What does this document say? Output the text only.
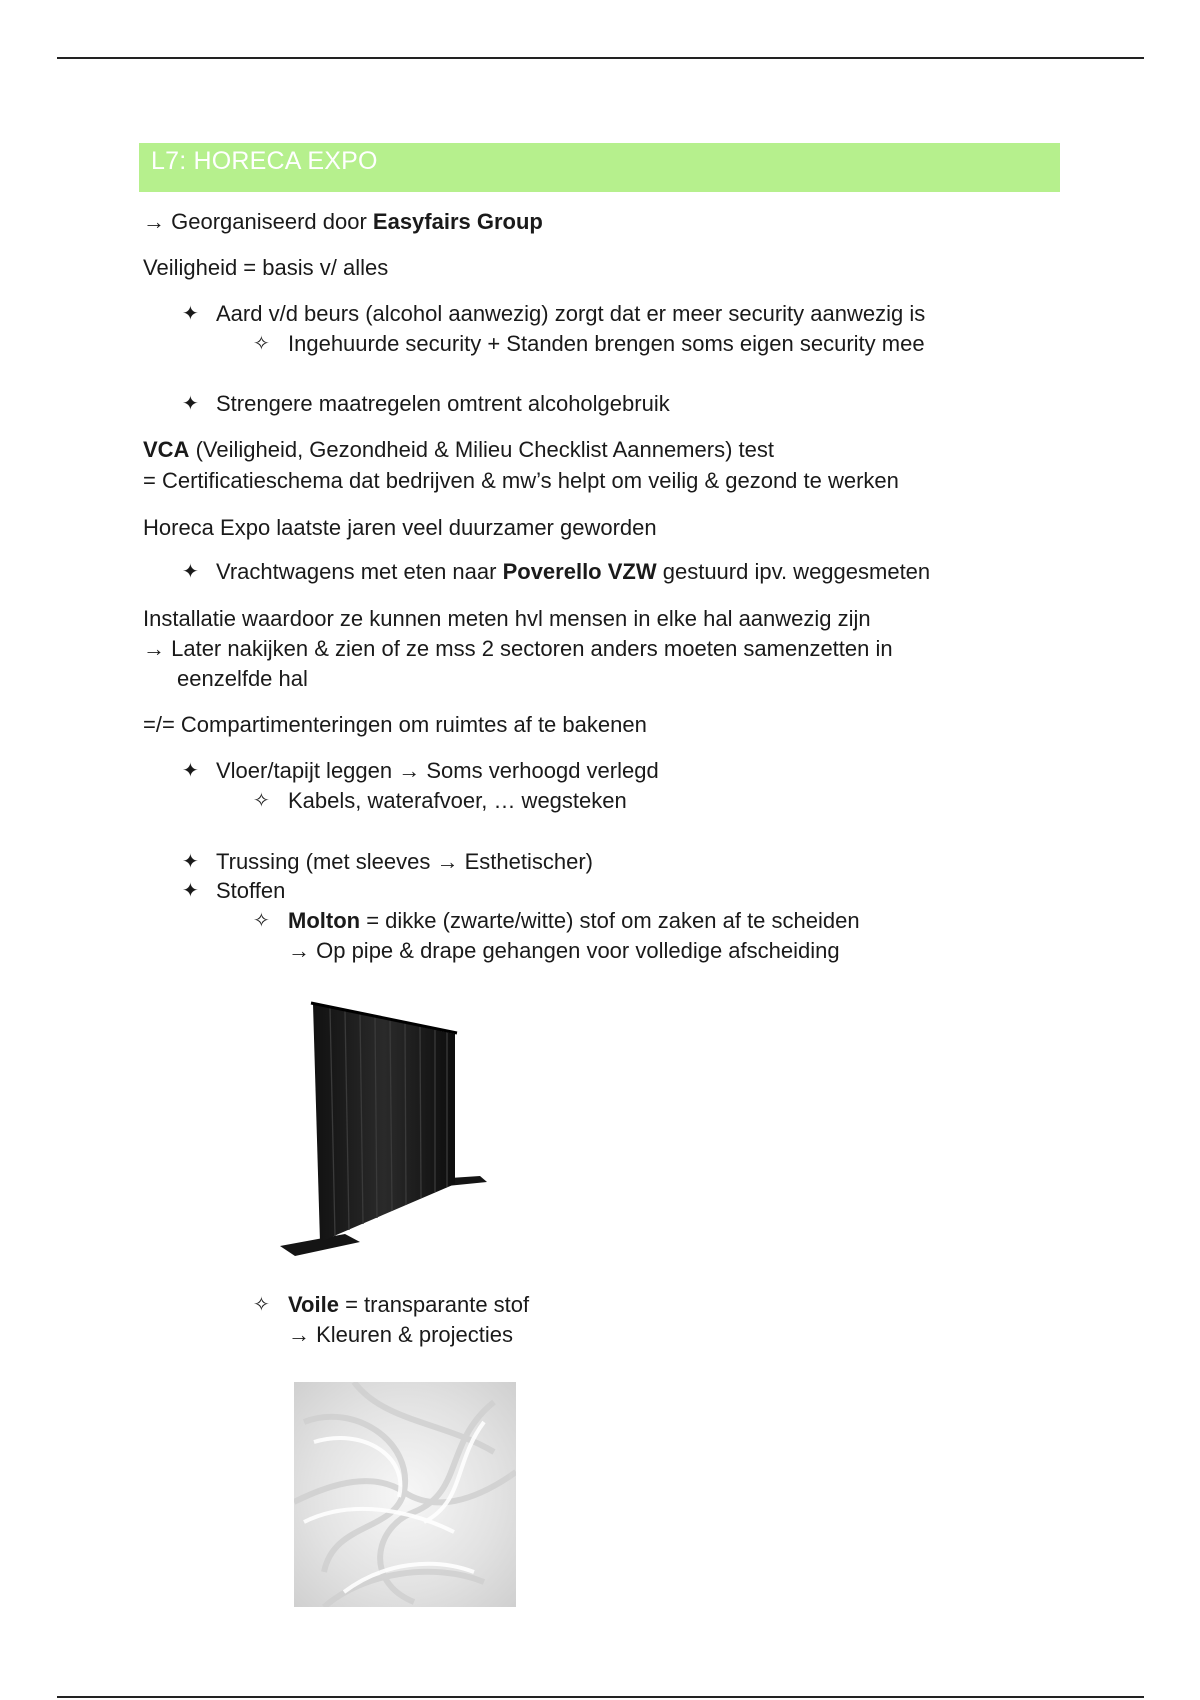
L7: HORECA EXPO
→ Georganiseerd door Easyfairs Group
Veiligheid = basis v/ alles
✦ Aard v/d beurs (alcohol aanwezig) zorgt dat er meer security aanwezig is
✧ Ingehuurde security + Standen brengen soms eigen security mee
✦ Strengere maatregelen omtrent alcoholgebruik
VCA (Veiligheid, Gezondheid & Milieu Checklist Aannemers) test
= Certificatieschema dat bedrijven & mw’s helpt om veilig & gezond te werken
Horeca Expo laatste jaren veel duurzamer geworden
✦ Vrachtwagens met eten naar Poverello VZW gestuurd ipv. weggesmeten
Installatie waardoor ze kunnen meten hvl mensen in elke hal aanwezig zijn
→ Later nakijken & zien of ze mss 2 sectoren anders moeten samenzetten in
eenzelfde hal
=/= Compartimenteringen om ruimtes af te bakenen
✦ Vloer/tapijt leggen → Soms verhoogd verlegd
✧ Kabels, waterafvoer, … wegsteken
✦ Trussing (met sleeves → Esthetischer)
✦ Stoffen
✧ Molton = dikke (zwarte/witte) stof om zaken af te scheiden
→ Op pipe & drape gehangen voor volledige afscheiding
✧ Voile = transparante stof
→ Kleuren & projecties
